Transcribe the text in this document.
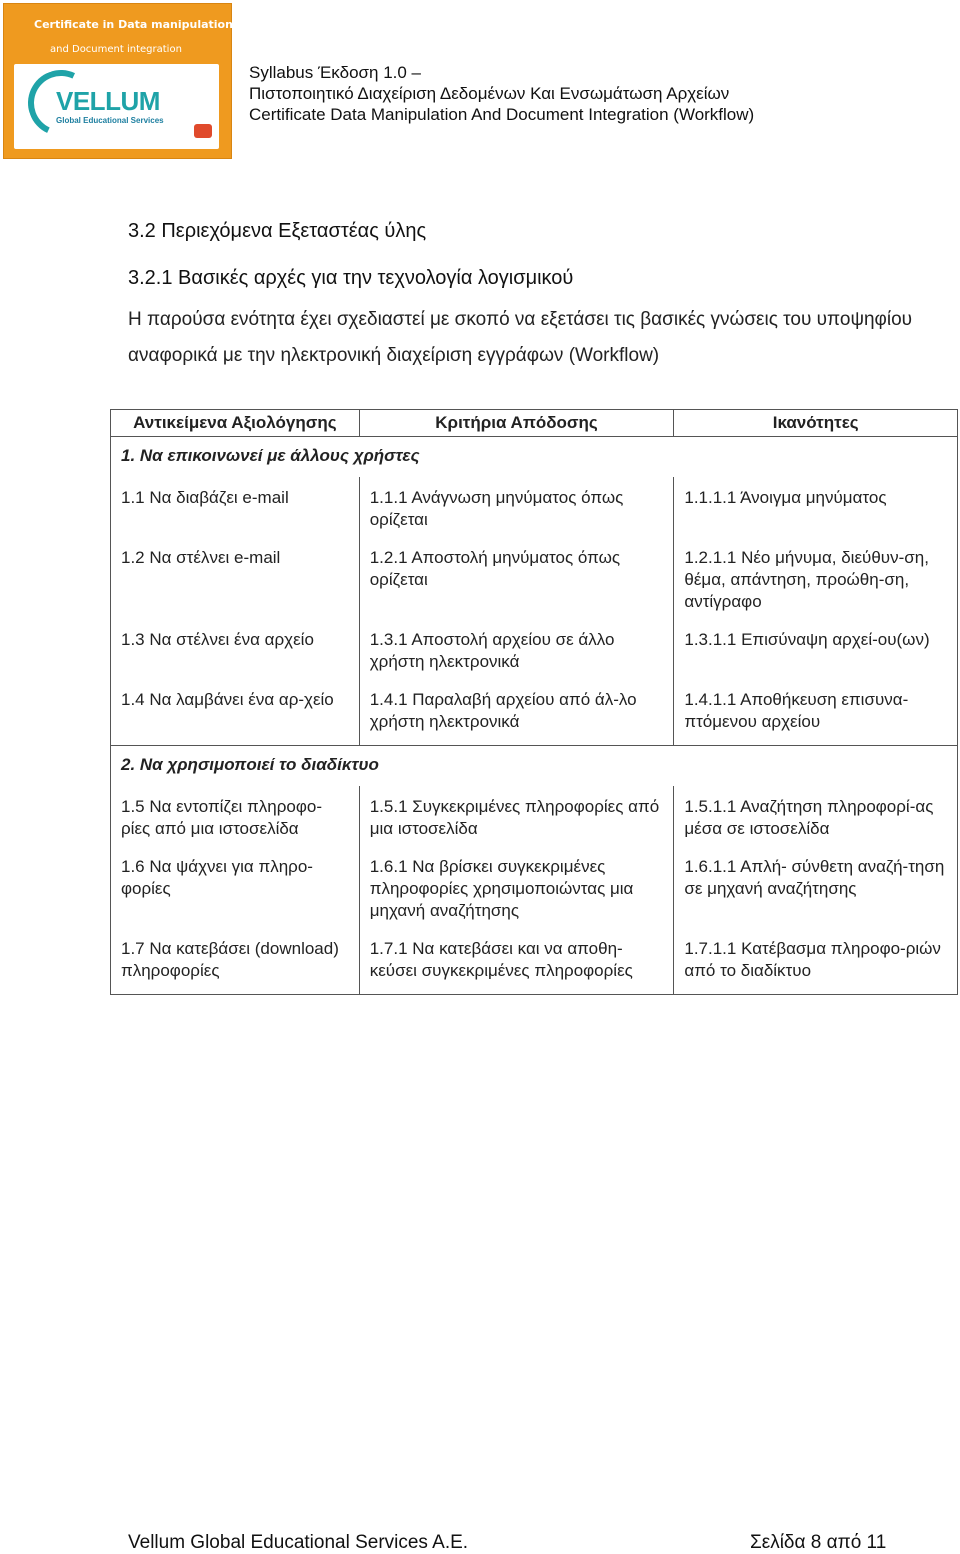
Certificate in Data manipulation
and Document integration
VELLUM
Global Educational Services
Syllabus Έκδοση 1.0 –
Πιστοποιητικό Διαχείριση Δεδομένων Και Ενσωμάτωση Αρχείων
Certificate Data Manipulation And Document Integration (Workflow)
3.2 Περιεχόμενα Εξεταστέας ύλης
3.2.1 Βασικές αρχές για την τεχνολογία λογισμικού
Η παρούσα ενότητα έχει σχεδιαστεί με σκοπό να εξετάσει τις βασικές γνώσεις του υποψηφίου αναφορικά με την ηλεκτρονική διαχείριση εγγράφων (Workflow)
Αντικείμενα Αξιολόγησης	Κριτήρια Απόδοσης	Ικανότητες
1. Να επικοινωνεί με άλλους χρήστες		
1.1 Να διαβάζει e-mail	1.1.1 Ανάγνωση μηνύματος όπως ορίζεται	1.1.1.1 Άνοιγμα μηνύματος
1.2 Να στέλνει e-mail	1.2.1 Αποστολή μηνύματος όπως ορίζεται	1.2.1.1 Νέο μήνυμα, διεύθυν-ση, θέμα, απάντηση, προώθη-ση, αντίγραφο
1.3 Να στέλνει ένα αρχείο	1.3.1 Αποστολή αρχείου σε άλλο χρήστη ηλεκτρονικά	1.3.1.1 Επισύναψη αρχεί-ου(ων)
1.4 Να λαμβάνει ένα αρ-χείο	1.4.1 Παραλαβή αρχείου από άλ-λο χρήστη ηλεκτρονικά	1.4.1.1 Αποθήκευση επισυνα-πτόμενου αρχείου
2. Να χρησιμοποιεί το διαδίκτυο		
1.5 Να εντοπίζει πληροφο-ρίες από μια ιστοσελίδα	1.5.1 Συγκεκριμένες πληροφορίες από μια ιστοσελίδα	1.5.1.1 Αναζήτηση πληροφορί-ας μέσα σε ιστοσελίδα
1.6 Να ψάχνει για πληρο-φορίες	1.6.1 Να βρίσκει συγκεκριμένες πληροφορίες χρησιμοποιώντας μια μηχανή αναζήτησης	1.6.1.1 Απλή- σύνθετη αναζή-τηση σε μηχανή αναζήτησης
1.7 Να κατεβάσει (download) πληροφορίες	1.7.1 Να κατεβάσει και να αποθη-κεύσει συγκεκριμένες πληροφορίες	1.7.1.1 Κατέβασμα πληροφο-ριών από το διαδίκτυο
Vellum Global Educational Services A.E.	Σελίδα 8 από 11
